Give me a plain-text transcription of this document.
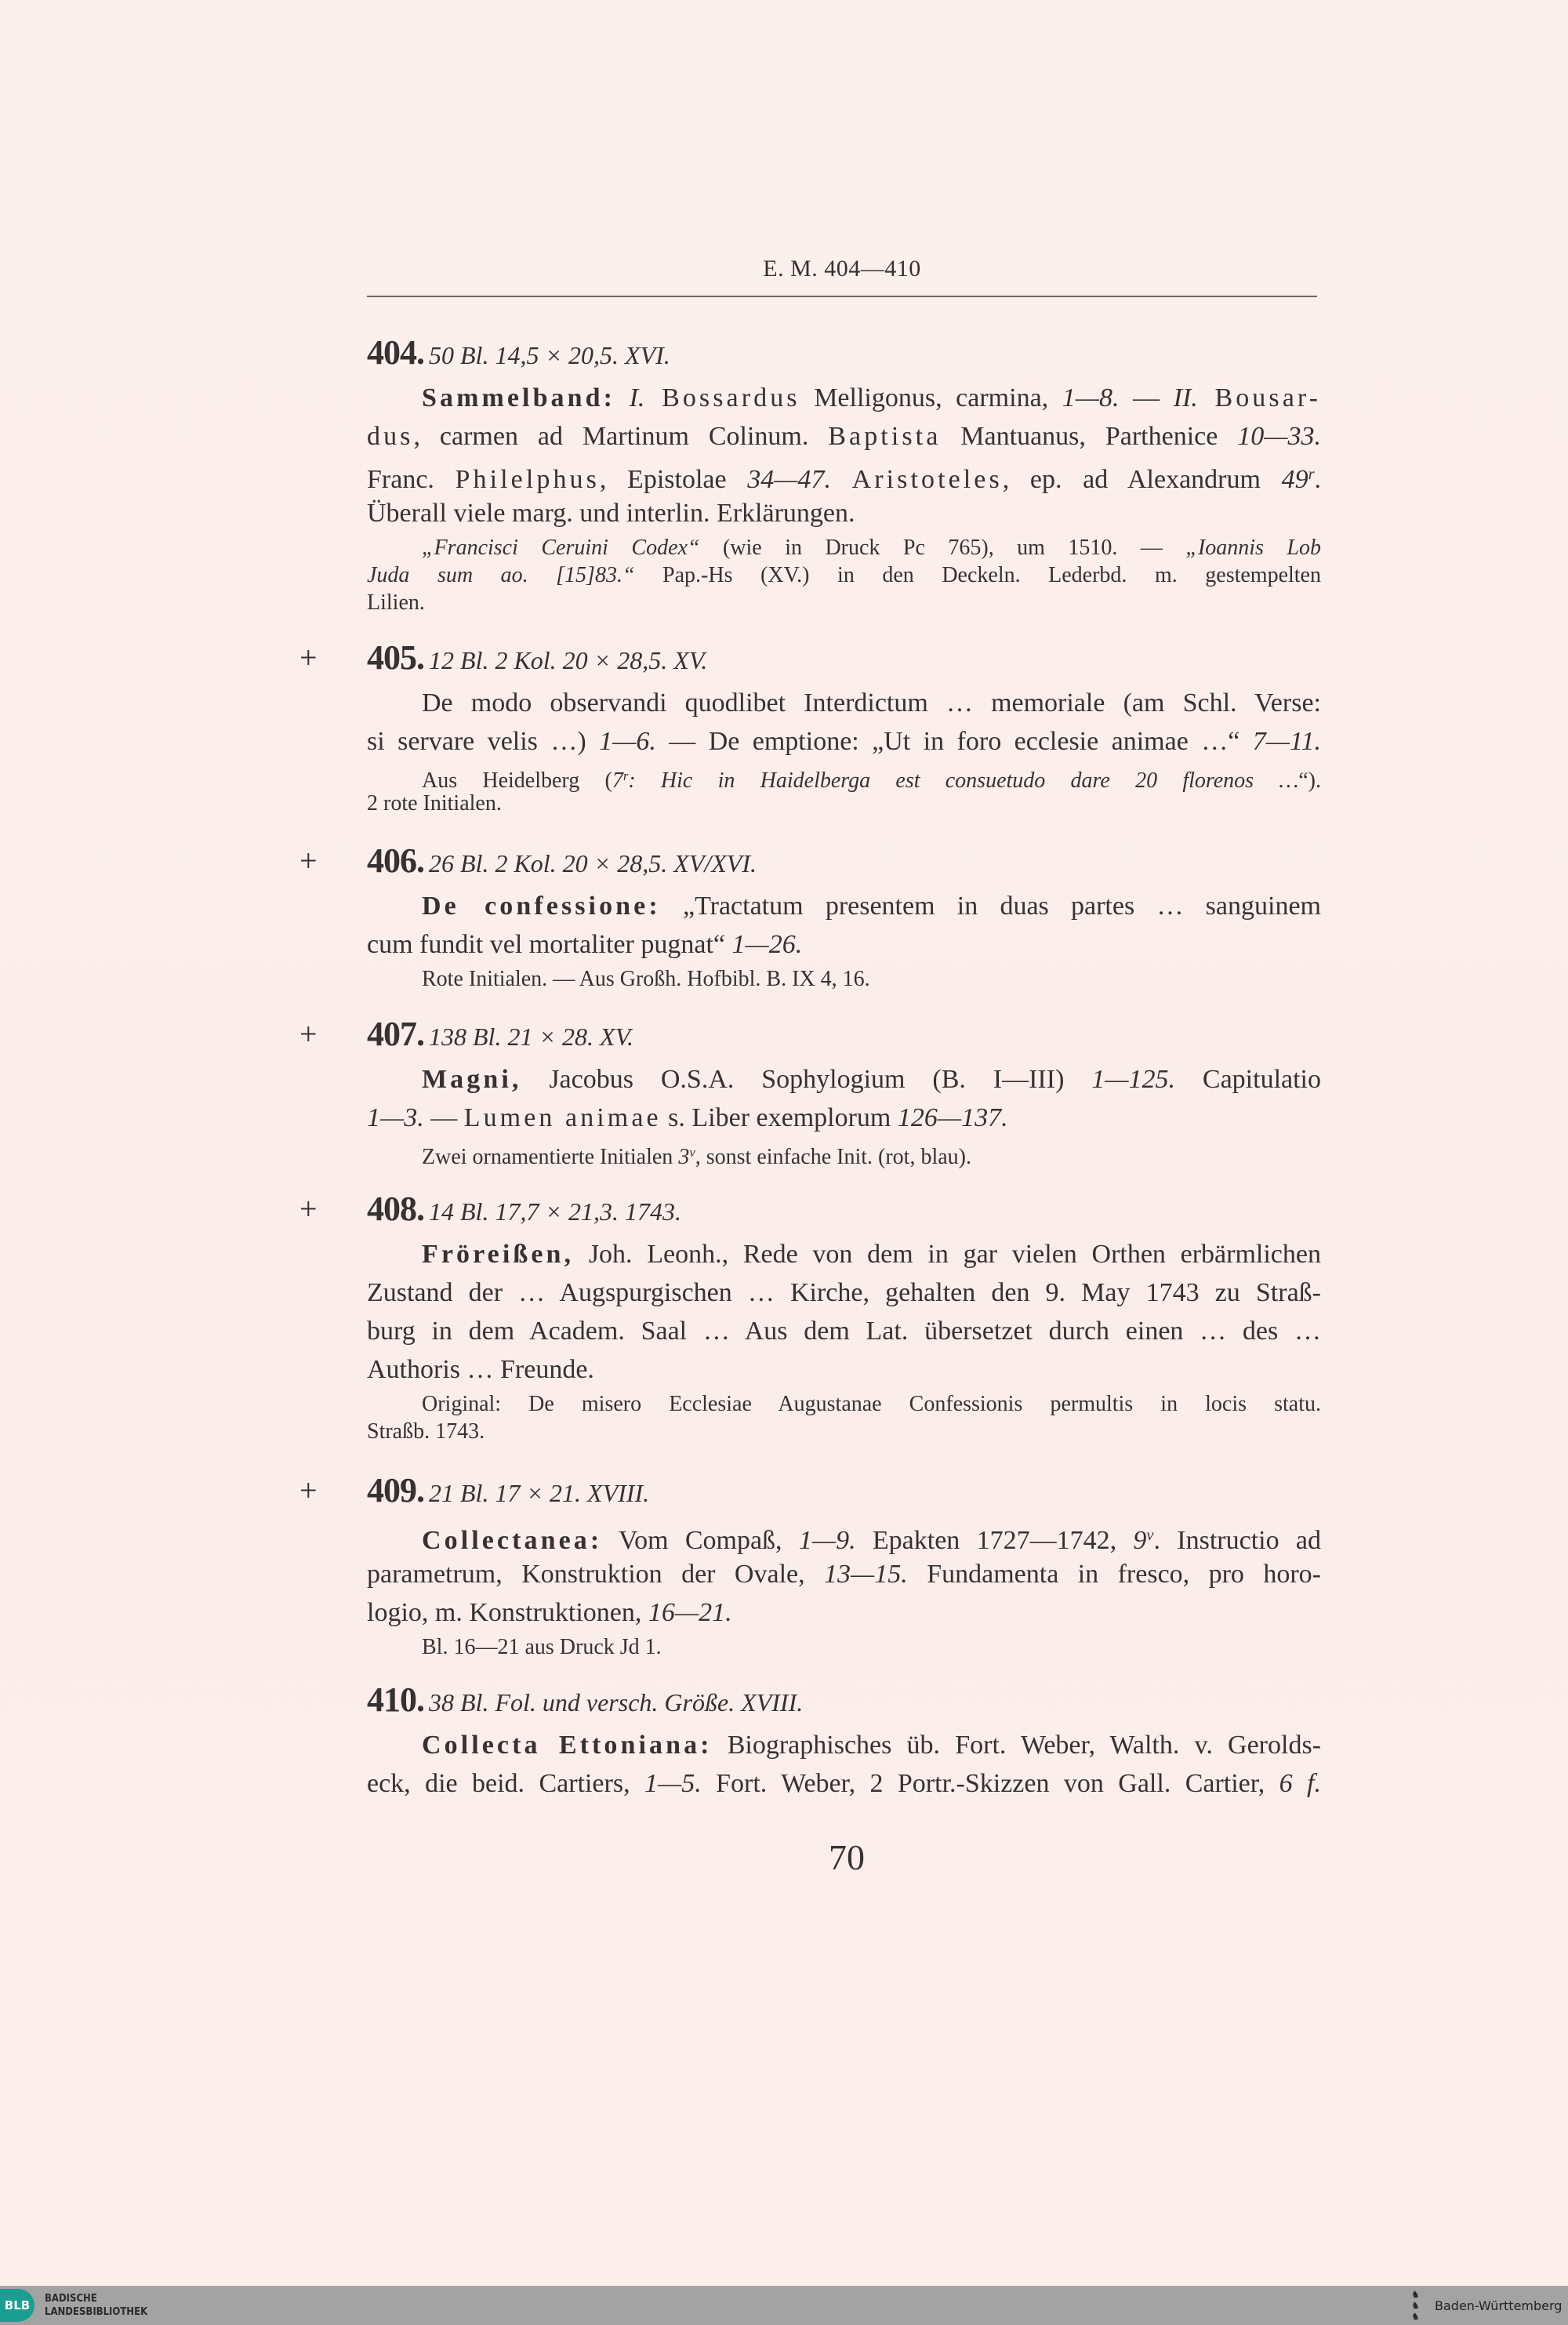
E. M. 404—410
404. 50 Bl. 14,5 × 20,5. XVI.
Sammelband: I. Bossardus Melligonus, carmina, 1—8. — II. Bousar-
dus, carmen ad Martinum Colinum. Baptista Mantuanus, Parthenice 10—33.
Franc. Philelphus, Epistolae 34—47. Aristoteles, ep. ad Alexandrum 49$^r$.
Überall viele marg. und interlin. Erklärungen.
„Francisci Ceruini Codex“ (wie in Druck Pc 765), um 1510. — „Ioannis Lob
Juda sum ao. [15]83.“ Pap.-Hs (XV.) in den Deckeln. Lederbd. m. gestempelten
Lilien.
+ 405. 12 Bl. 2 Kol. 20 × 28,5. XV.
De modo observandi quodlibet Interdictum … memoriale (am Schl. Verse:
si servare velis …) 1—6. — De emptione: „Ut in foro ecclesie animae …“ 7—11.
Aus Heidelberg (7$^r$: Hic in Haidelberga est consuetudo dare 20 florenos …“).
2 rote Initialen.
+ 406. 26 Bl. 2 Kol. 20 × 28,5. XV/XVI.
De confessione: „Tractatum presentem in duas partes … sanguinem
cum fundit vel mortaliter pugnat“ 1—26.
Rote Initialen. — Aus Großh. Hofbibl. B. IX 4, 16.
+ 407. 138 Bl. 21 × 28. XV.
Magni, Jacobus O.S.A. Sophylogium (B. I—III) 1—125. Capitulatio
1—3. — Lumen animae s. Liber exemplorum 126—137.
Zwei ornamentierte Initialen 3$^v$, sonst einfache Init. (rot, blau).
+ 408. 14 Bl. 17,7 × 21,3. 1743.
Fröreißen, Joh. Leonh., Rede von dem in gar vielen Orthen erbärmlichen
Zustand der … Augspurgischen … Kirche, gehalten den 9. May 1743 zu Straß-
burg in dem Academ. Saal … Aus dem Lat. übersetzet durch einen … des …
Authoris … Freunde.
Original: De misero Ecclesiae Augustanae Confessionis permultis in locis statu.
Straßb. 1743.
+ 409. 21 Bl. 17 × 21. XVIII.
Collectanea: Vom Compaß, 1—9. Epakten 1727—1742, 9$^v$. Instructio ad
parametrum, Konstruktion der Ovale, 13—15. Fundamenta in fresco, pro horo-
logio, m. Konstruktionen, 16—21.
Bl. 16—21 aus Druck Jd 1.
410. 38 Bl. Fol. und versch. Größe. XVIII.
Collecta Ettoniana: Biographisches üb. Fort. Weber, Walth. v. Gerolds-
eck, die beid. Cartiers, 1—5. Fort. Weber, 2 Portr.-Skizzen von Gall. Cartier, 6 f.
70
BLB	BADISCHE
LANDESBIBLIOTHEK
♞
♞
♞
Baden-Württemberg
